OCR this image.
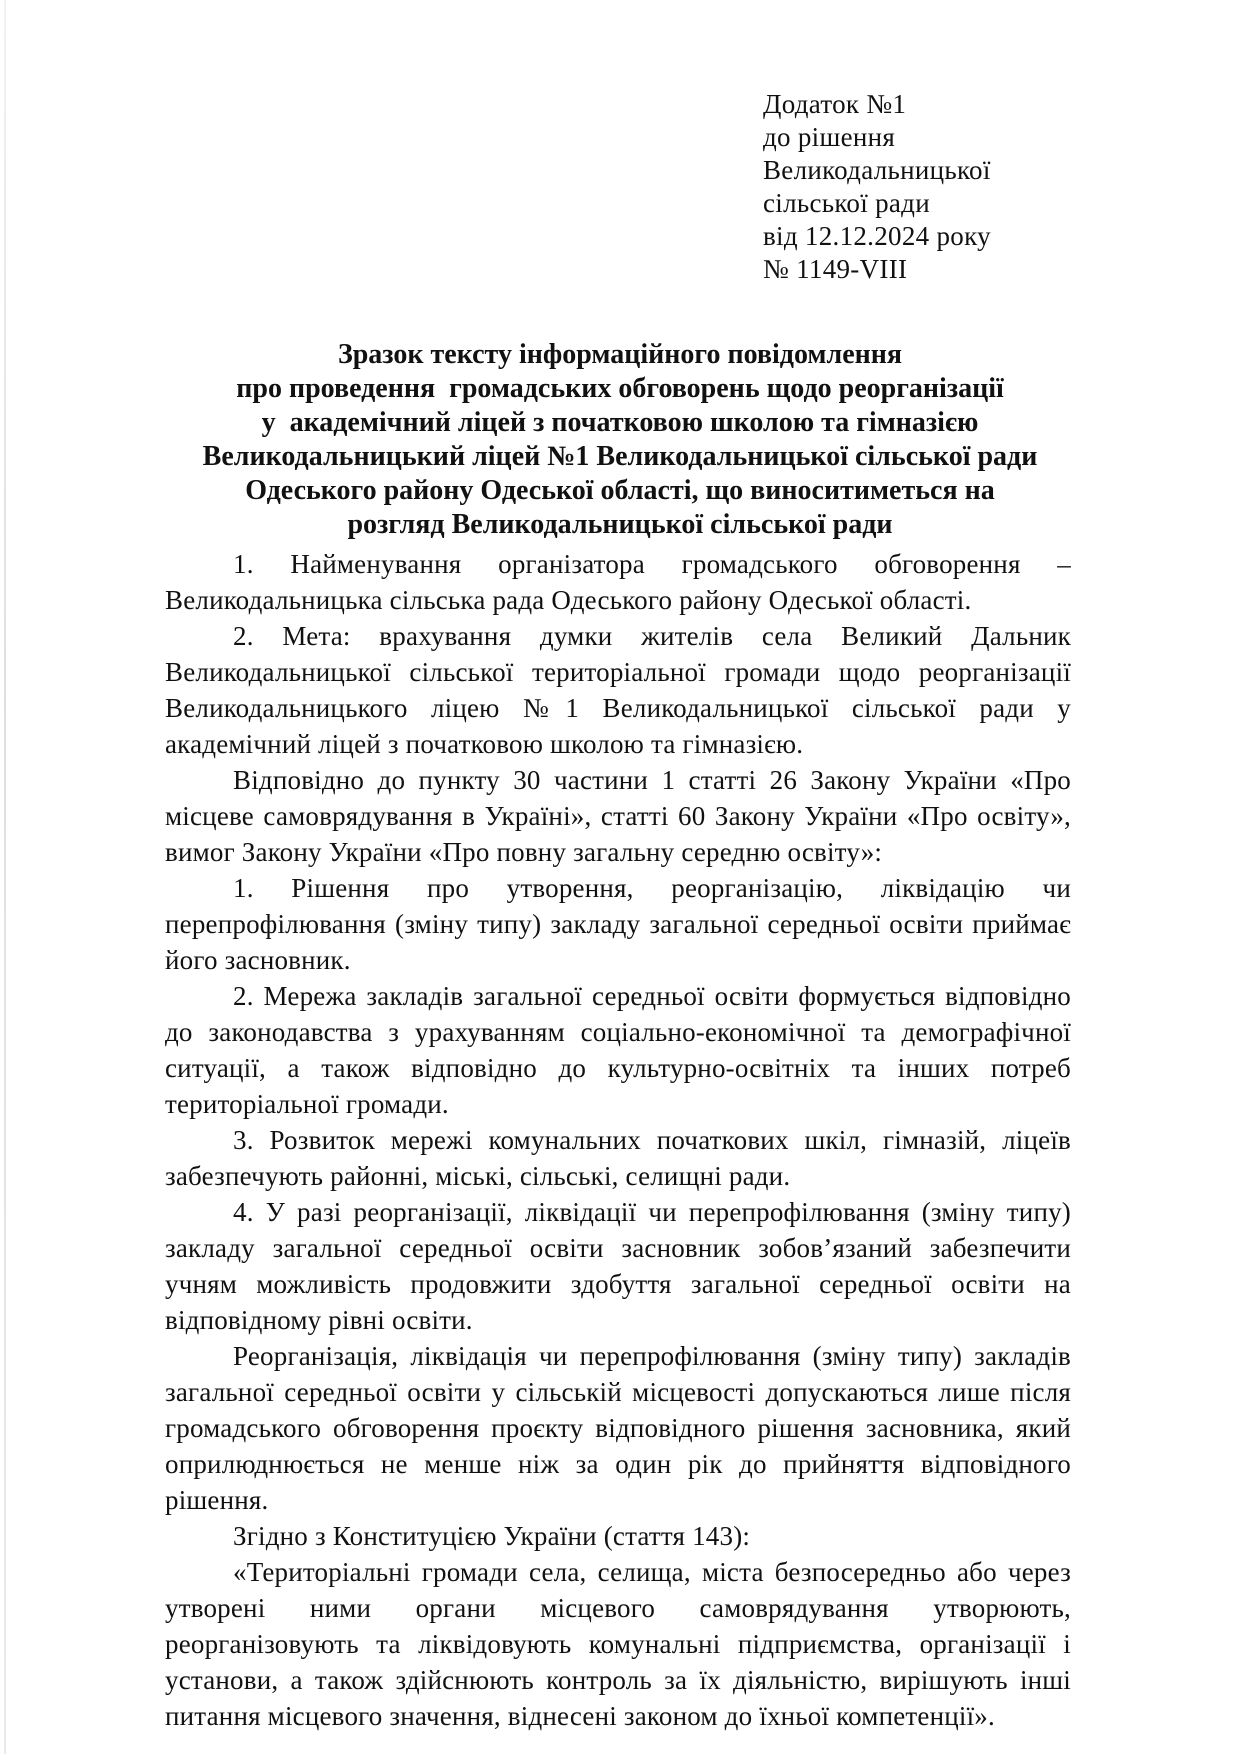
Додаток №1
до рішення
Великодальницької
сільської ради
від 12.12.2024 року
№ 1149-VIII
Зразок тексту інформаційного повідомлення
про проведення  громадських обговорень щодо реорганізації
у  академічний ліцей з початковою школою та гімназією
Великодальницький ліцей №1 Великодальницької сільської ради
Одеського району Одеської області, що виноситиметься на
розгляд Великодальницької сільської ради

1. Найменування організатора громадського обговорення – Великодальницька сільська рада Одеського району Одеської області.

2. Мета: врахування думки жителів села Великий Дальник Великодальницької сільської територіальної громади щодо реорганізації Великодальницького ліцею №1 Великодальницької сільської ради у академічний ліцей з початковою школою та гімназією.

Відповідно до пункту 30 частини 1 статті 26 Закону України «Про місцеве самоврядування в Україні», статті 60 Закону України «Про освіту», вимог Закону України «Про повну загальну середню освіту»:

1. Рішення про утворення, реорганізацію, ліквідацію чи перепрофілювання (зміну типу) закладу загальної середньої освіти приймає його засновник.

2. Мережа закладів загальної середньої освіти формується відповідно до законодавства з урахуванням соціально-економічної та демографічної ситуації, а також відповідно до культурно-освітніх та інших потреб територіальної громади.

3. Розвиток мережі комунальних початкових шкіл, гімназій, ліцеїв забезпечують районні, міські, сільські, селищні ради.

4. У разі реорганізації, ліквідації чи перепрофілювання (зміну типу) закладу загальної середньої освіти засновник зобов’язаний забезпечити учням можливість продовжити здобуття загальної середньої освіти на відповідному рівні освіти.

Реорганізація, ліквідація чи перепрофілювання (зміну типу) закладів загальної середньої освіти у сільській місцевості допускаються лише після громадського обговорення проєкту відповідного рішення засновника, який оприлюднюється не менше ніж за один рік до прийняття відповідного рішення.

Згідно з Конституцією України (стаття 143):

«Територіальні громади села, селища, міста безпосередньо або через утворені ними органи місцевого самоврядування утворюють, реорганізовують та ліквідовують комунальні підприємства, організації і установи, а також здійснюють контроль за їх діяльністю, вирішують інші питання місцевого значення, віднесені законом до їхньої компетенції».
